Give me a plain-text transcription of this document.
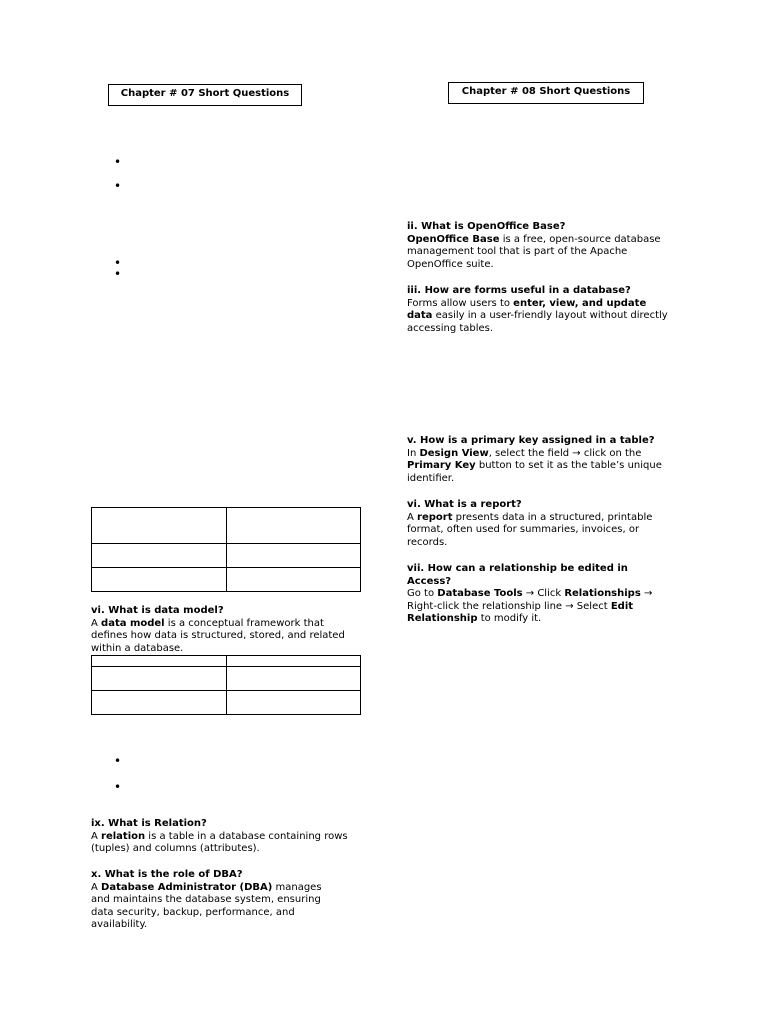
Chapter # 07 Short Questions	Chapter # 08 Short Questions
•
•
•
•
•
•
ii. What is OpenOffice Base?
OpenOffice Base is a free, open-source database management tool that is part of the Apache OpenOffice suite.
iii. How are forms useful in a database?
Forms allow users to enter, view, and update data easily in a user-friendly layout without directly accessing tables.
v. How is a primary key assigned in a table?
In Design View, select the field → click on the Primary Key button to set it as the table’s unique identifier.
vi. What is a report?
A report presents data in a structured, printable format, often used for summaries, invoices, or records.
vii. How can a relationship be edited in Access?
Go to Database Tools → Click Relationships → Right-click the relationship line → Select Edit Relationship to modify it.

vi. What is data model?
A data model is a conceptual framework that defines how data is structured, stored, and related within a database.

ix. What is Relation?
A relation is a table in a database containing rows (tuples) and columns (attributes).
x. What is the role of DBA?
A Database Administrator (DBA) manages and maintains the database system, ensuring data security, backup, performance, and availability.
